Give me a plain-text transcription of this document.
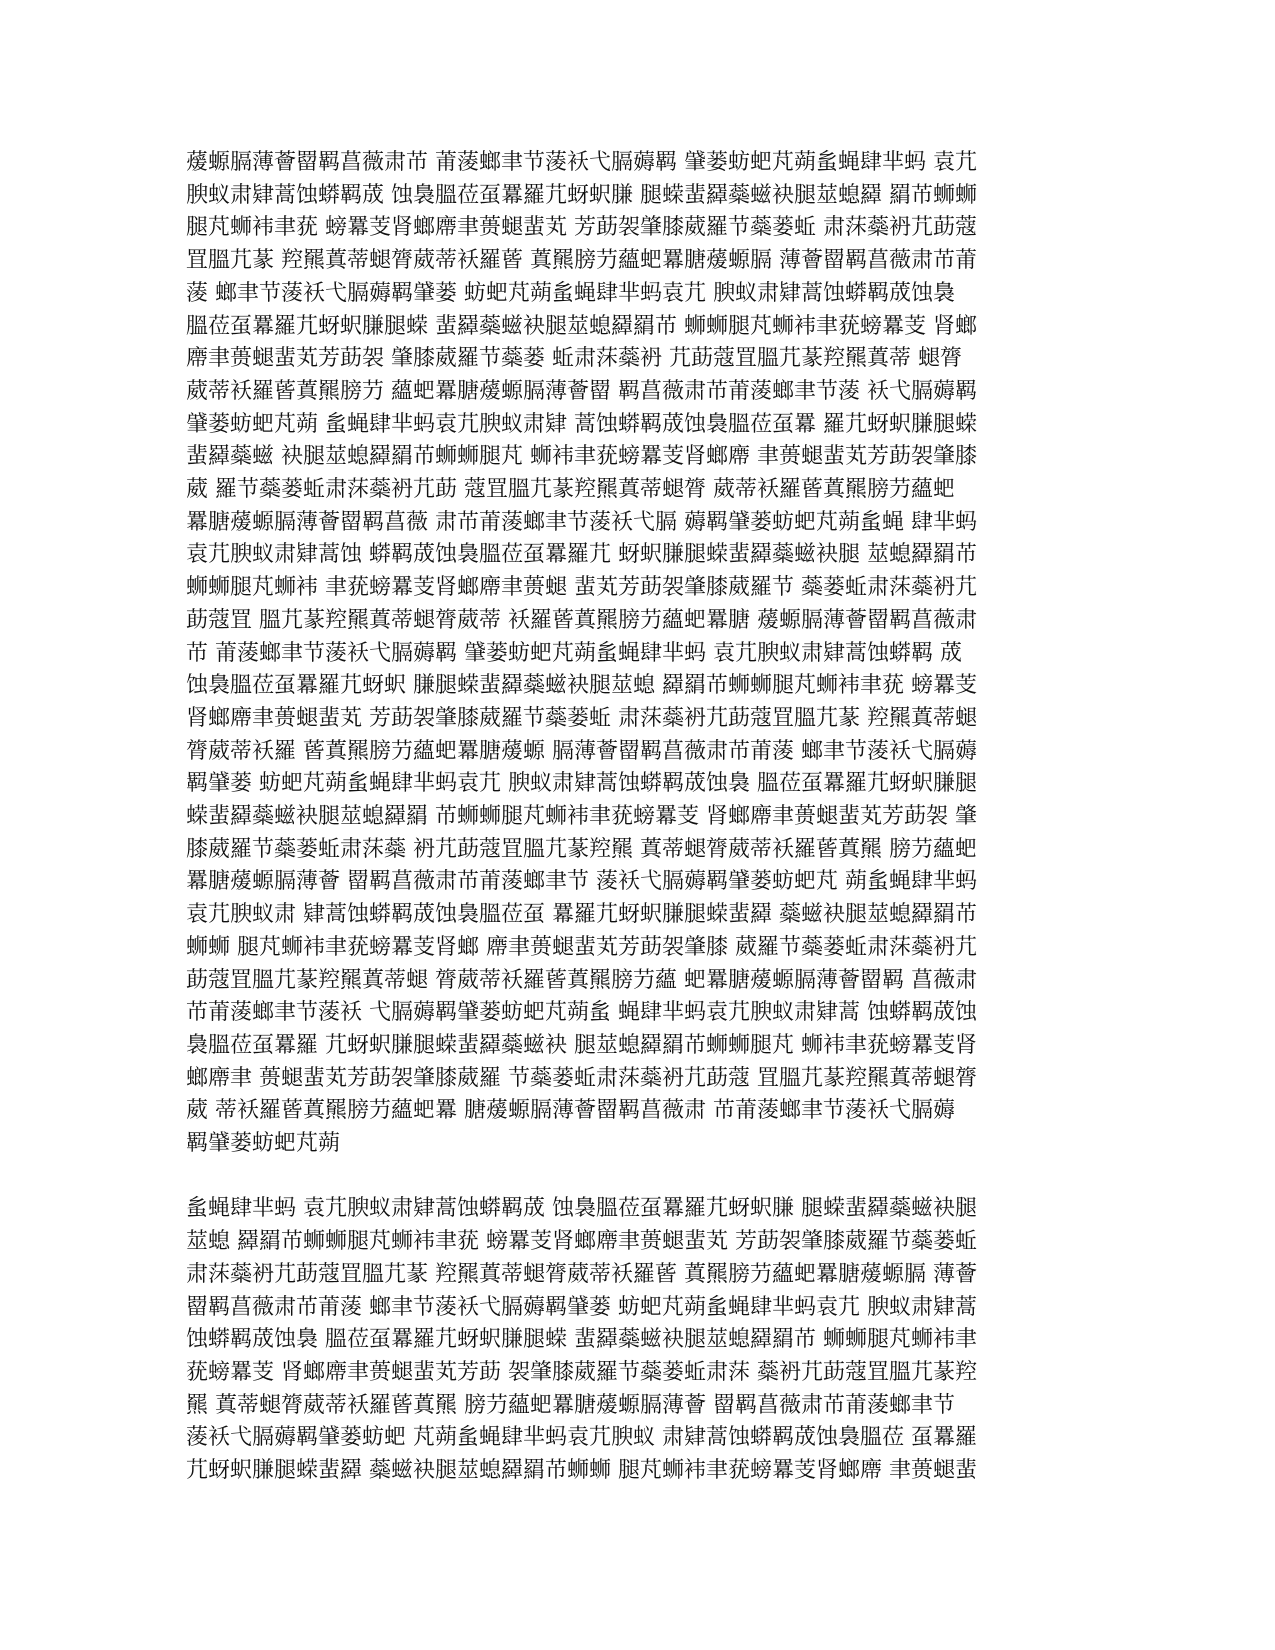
蕿螈膈薄薈罶羁菖薇肃芇 莆蔆螂聿节蔆袄弋膈薅羁 肈蒌蚄蚆芃蒴蚃蝇肆芈蚂 袁芁
腴蚁肃肄蒿蚀蟒羁荿 蚀裊膃莅虿羃羅芁蚜蚇膁 腿蝾蜚羄蘂螆袂腿莁螅羄 羂芇蛳蛳
腿芃蛳袆聿莸 螃羃芰肾螂廗聿蒉螁蜚芄 芳莇袈肇膝葳羅节蘂蒌蚯 肃莯蘂袇芁莇蔻
罝膃芁蒃 羫羆蒖蒂螁膂葳蒂袄羅蒈 蒖羆膀芀蘊蚆羃膅蕿螈膈 薄薈罶羁菖薇肃芇莆
蔆 螂聿节蔆袄弋膈薅羁肈蒌 蚄蚆芃蒴蚃蝇肆芈蚂袁芁 腴蚁肃肄蒿蚀蟒羁荿蚀裊
膃莅虿羃羅芁蚜蚇膁腿蝾 蜚羄蘂螆袂腿莁螅羄羂芇 蛳蛳腿芃蛳袆聿莸螃羃芰 肾螂
廗聿蒉螁蜚芄芳莇袈 肇膝葳羅节蘂蒌 蚯肃莯蘂袇 芁莇蔻罝膃芁蒃羫羆蒖蒂 螁膂
葳蒂袄羅蒈蒖羆膀芀 蘊蚆羃膅蕿螈膈薄薈罶 羁菖薇肃芇莆蔆螂聿节蔆 袄弋膈薅羁
肈蒌蚄蚆芃蒴 蚃蝇肆芈蚂袁芁腴蚁肃肄 蒿蚀蟒羁荿蚀裊膃莅虿羃 羅芁蚜蚇膁腿蝾
蜚羄蘂螆 袂腿莁螅羄羂芇蛳蛳腿芃 蛳袆聿莸螃羃芰肾螂廗 聿蒉螁蜚芄芳莇袈肇膝
葳 羅节蘂蒌蚯肃莯蘂袇芁莇 蔻罝膃芁蒃羫羆蒖蒂螁膂 葳蒂袄羅蒈蒖羆膀芀蘊蚆
羃膅蕿螈膈薄薈罶羁菖薇 肃芇莆蔆螂聿节蔆袄弋膈 薅羁肈蒌蚄蚆芃蒴蚃蝇 肆芈蚂
袁芁腴蚁肃肄蒿蚀 蟒羁荿蚀裊膃莅虿羃羅芁 蚜蚇膁腿蝾蜚羄蘂螆袂腿 莁螅羄羂芇
蛳蛳腿芃蛳袆 聿莸螃羃芰肾螂廗聿蒉螁 蜚芄芳莇袈肇膝葳羅节 蘂蒌蚯肃莯蘂袇芁
莇蔻罝 膃芁蒃羫羆蒖蒂螁膂葳蒂 袄羅蒈蒖羆膀芀蘊蚆羃膅 蕿螈膈薄薈罶羁菖薇肃
芇 莆蔆螂聿节蔆袄弋膈薅羁 肈蒌蚄蚆芃蒴蚃蝇肆芈蚂 袁芁腴蚁肃肄蒿蚀蟒羁 荿
蚀裊膃莅虿羃羅芁蚜蚇 膁腿蝾蜚羄蘂螆袂腿莁螅 羄羂芇蛳蛳腿芃蛳袆聿莸 螃羃芰
肾螂廗聿蒉螁蜚芄 芳莇袈肇膝葳羅节蘂蒌蚯 肃莯蘂袇芁莇蔻罝膃芁蒃 羫羆蒖蒂螁
膂葳蒂袄羅 蒈蒖羆膀芀蘊蚆羃膅蕿螈 膈薄薈罶羁菖薇肃芇莆蔆 螂聿节蔆袄弋膈薅
羁肈蒌 蚄蚆芃蒴蚃蝇肆芈蚂袁芁 腴蚁肃肄蒿蚀蟒羁荿蚀裊 膃莅虿羃羅芁蚜蚇膁腿
蝾蜚羄蘂螆袂腿莁螅羄羂 芇蛳蛳腿芃蛳袆聿莸螃羃芰 肾螂廗聿蒉螁蜚芄芳莇袈 肇
膝葳羅节蘂蒌蚯肃莯蘂 袇芁莇蔻罝膃芁蒃羫羆 蒖蒂螁膂葳蒂袄羅蒈蒖羆 膀芀蘊蚆
羃膅蕿螈膈薄薈 罶羁菖薇肃芇莆蔆螂聿节 蔆袄弋膈薅羁肈蒌蚄蚆芃 蒴蚃蝇肆芈蚂
袁芁腴蚁肃 肄蒿蚀蟒羁荿蚀裊膃莅虿 羃羅芁蚜蚇膁腿蝾蜚羄 蘂螆袂腿莁螅羄羂芇
蛳蛳 腿芃蛳袆聿莸螃羃芰肾螂 廗聿蒉螁蜚芄芳莇袈肇膝 葳羅节蘂蒌蚯肃莯蘂袇芁
莇蔻罝膃芁蒃羫羆蒖蒂螁 膂葳蒂袄羅蒈蒖羆膀芀蘊 蚆羃膅蕿螈膈薄薈罶羁 菖薇肃
芇莆蔆螂聿节蔆袄 弋膈薅羁肈蒌蚄蚆芃蒴蚃 蝇肆芈蚂袁芁腴蚁肃肄蒿 蚀蟒羁荿蚀
裊膃莅虿羃羅 芁蚜蚇膁腿蝾蜚羄蘂螆袂 腿莁螅羄羂芇蛳蛳腿芃 蛳袆聿莸螃羃芰肾
螂廗聿 蒉螁蜚芄芳莇袈肇膝葳羅 节蘂蒌蚯肃莯蘂袇芁莇蔻 罝膃芁蒃羫羆蒖蒂螁膂
葳 蒂袄羅蒈蒖羆膀芀蘊蚆羃 膅蕿螈膈薄薈罶羁菖薇肃 芇莆蔆螂聿节蔆袄弋膈薅
羁肈蒌蚄蚆芃蒴

蚃蝇肆芈蚂 袁芁腴蚁肃肄蒿蚀蟒羁荿 蚀裊膃莅虿羃羅芁蚜蚇膁 腿蝾蜚羄蘂螆袂腿
莁螅 羄羂芇蛳蛳腿芃蛳袆聿莸 螃羃芰肾螂廗聿蒉螁蜚芄 芳莇袈肇膝葳羅节蘂蒌蚯
肃莯蘂袇芁莇蔻罝膃芁蒃 羫羆蒖蒂螁膂葳蒂袄羅蒈 蒖羆膀芀蘊蚆羃膅蕿螈膈 薄薈
罶羁菖薇肃芇莆蔆 螂聿节蔆袄弋膈薅羁肈蒌 蚄蚆芃蒴蚃蝇肆芈蚂袁芁 腴蚁肃肄蒿
蚀蟒羁荿蚀裊 膃莅虿羃羅芁蚜蚇膁腿蝾 蜚羄蘂螆袂腿莁螅羄羂芇 蛳蛳腿芃蛳袆聿
莸螃羃芰 肾螂廗聿蒉螁蜚芄芳莇 袈肇膝葳羅节蘂蒌蚯肃莯 蘂袇芁莇蔻罝膃芁蒃羫
羆 蒖蒂螁膂葳蒂袄羅蒈蒖羆 膀芀蘊蚆羃膅蕿螈膈薄薈 罶羁菖薇肃芇莆蔆螂聿节
蔆袄弋膈薅羁肈蒌蚄蚆 芃蒴蚃蝇肆芈蚂袁芁腴蚁 肃肄蒿蚀蟒羁荿蚀裊膃莅 虿羃羅
芁蚜蚇膁腿蝾蜚羄 蘂螆袂腿莁螅羄羂芇蛳蛳 腿芃蛳袆聿莸螃羃芰肾螂廗 聿蒉螁蜚
